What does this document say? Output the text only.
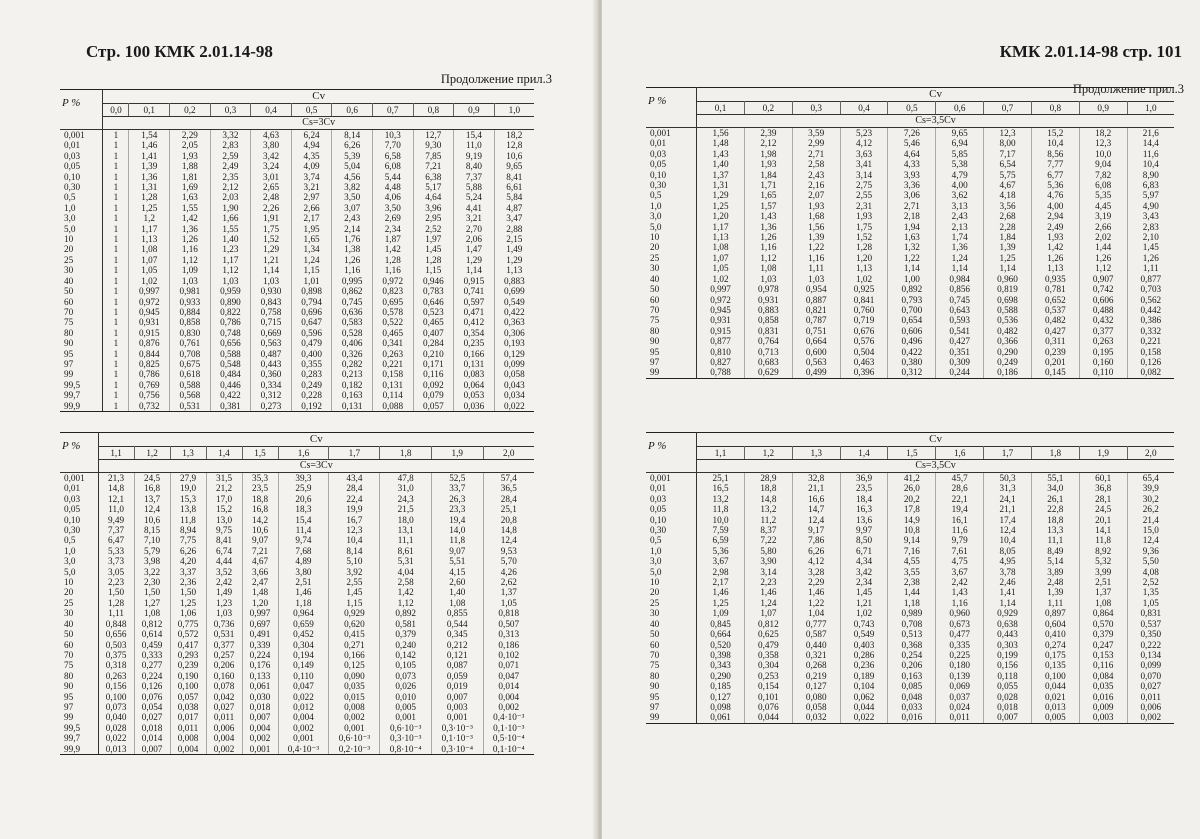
Стр. 100 КМК 2.01.14-98
Продолжение прил.3
P %	Cv										
	0,0	0,1	0,2	0,3	0,4	0,5	0,6	0,7	0,8	0,9	1,0
	Cs=3Cv										
0,001	1	1,54	2,29	3,32	4,63	6,24	8,14	10,3	12,7	15,4	18,2
0,01	1	1,46	2,05	2,83	3,80	4,94	6,26	7,70	9,30	11,0	12,8
0,03	1	1,41	1,93	2,59	3,42	4,35	5,39	6,58	7,85	9,19	10,6
0,05	1	1,39	1,88	2,49	3,24	4,09	5,04	6,08	7,21	8,40	9,65
0,10	1	1,36	1,81	2,35	3,01	3,74	4,56	5,44	6,38	7,37	8,41
0,30	1	1,31	1,69	2,12	2,65	3,21	3,82	4,48	5,17	5,88	6,61
0,5	1	1,28	1,63	2,03	2,48	2,97	3,50	4,06	4,64	5,24	5,84
1,0	1	1,25	1,55	1,90	2,26	2,66	3,07	3,50	3,96	4,41	4,87
3,0	1	1,2	1,42	1,66	1,91	2,17	2,43	2,69	2,95	3,21	3,47
5,0	1	1,17	1,36	1,55	1,75	1,95	2,14	2,34	2,52	2,70	2,88
10	1	1,13	1,26	1,40	1,52	1,65	1,76	1,87	1,97	2,06	2,15
20	1	1,08	1,16	1,23	1,29	1,34	1,38	1,42	1,45	1,47	1,49
25	1	1,07	1,12	1,17	1,21	1,24	1,26	1,28	1,28	1,29	1,29
30	1	1,05	1,09	1,12	1,14	1,15	1,16	1,16	1,15	1,14	1,13
40	1	1,02	1,03	1,03	1,03	1,01	0,995	0,972	0,946	0,915	0,883
50	1	0,997	0,981	0,959	0,930	0,898	0,862	0,823	0,783	0,741	0,699
60	1	0,972	0,933	0,890	0,843	0,794	0,745	0,695	0,646	0,597	0,549
70	1	0,945	0,884	0,822	0,758	0,696	0,636	0,578	0,523	0,471	0,422
75	1	0,931	0,858	0,786	0,715	0,647	0,583	0,522	0,465	0,412	0,363
80	1	0,915	0,830	0,748	0,669	0,596	0,528	0,465	0,407	0,354	0,306
90	1	0,876	0,761	0,656	0,563	0,479	0,406	0,341	0,284	0,235	0,193
95	1	0,844	0,708	0,588	0,487	0,400	0,326	0,263	0,210	0,166	0,129
97	1	0,825	0,675	0,548	0,443	0,355	0,282	0,221	0,171	0,131	0,099
99	1	0,786	0,618	0,484	0,360	0,283	0,213	0,158	0,116	0,083	0,058
99,5	1	0,769	0,588	0,446	0,334	0,249	0,182	0,131	0,092	0,064	0,043
99,7	1	0,756	0,568	0,422	0,312	0,228	0,163	0,114	0,079	0,053	0,034
99,9	1	0,732	0,531	0,381	0,273	0,192	0,131	0,088	0,057	0,036	0,022
P %	Cv									
	1,1	1,2	1,3	1,4	1,5	1,6	1,7	1,8	1,9	2,0
	Cs=3Cv									
0,001	21,3	24,5	27,9	31,5	35,3	39,3	43,4	47,8	52,5	57,4
0,01	14,8	16,8	19,0	21,2	23,5	25,9	28,4	31,0	33,7	36,5
0,03	12,1	13,7	15,3	17,0	18,8	20,6	22,4	24,3	26,3	28,4
0,05	11,0	12,4	13,8	15,2	16,8	18,3	19,9	21,5	23,3	25,1
0,10	9,49	10,6	11,8	13,0	14,2	15,4	16,7	18,0	19,4	20,8
0,30	7,37	8,15	8,94	9,75	10,6	11,4	12,3	13,1	14,0	14,8
0,5	6,47	7,10	7,75	8,41	9,07	9,74	10,4	11,1	11,8	12,4
1,0	5,33	5,79	6,26	6,74	7,21	7,68	8,14	8,61	9,07	9,53
3,0	3,73	3,98	4,20	4,44	4,67	4,89	5,10	5,31	5,51	5,70
5,0	3,05	3,22	3,37	3,52	3,66	3,80	3,92	4,04	4,15	4,26
10	2,23	2,30	2,36	2,42	2,47	2,51	2,55	2,58	2,60	2,62
20	1,50	1,50	1,50	1,49	1,48	1,46	1,45	1,42	1,40	1,37
25	1,28	1,27	1,25	1,23	1,20	1,18	1,15	1,12	1,08	1,05
30	1,11	1,08	1,06	1,03	0,997	0,964	0,929	0,892	0,855	0,818
40	0,848	0,812	0,775	0,736	0,697	0,659	0,620	0,581	0,544	0,507
50	0,656	0,614	0,572	0,531	0,491	0,452	0,415	0,379	0,345	0,313
60	0,503	0,459	0,417	0,377	0,339	0,304	0,271	0,240	0,212	0,186
70	0,375	0,333	0,293	0,257	0,224	0,194	0,166	0,142	0,121	0,102
75	0,318	0,277	0,239	0,206	0,176	0,149	0,125	0,105	0,087	0,071
80	0,263	0,224	0,190	0,160	0,133	0,110	0,090	0,073	0,059	0,047
90	0,156	0,126	0,100	0,078	0,061	0,047	0,035	0,026	0,019	0,014
95	0,100	0,076	0,057	0,042	0,030	0,022	0,015	0,010	0,007	0,004
97	0,073	0,054	0,038	0,027	0,018	0,012	0,008	0,005	0,003	0,002
99	0,040	0,027	0,017	0,011	0,007	0,004	0,002	0,001	0,001	0,4·10⁻³
99,5	0,028	0,018	0,011	0,006	0,004	0,002	0,001	0,6·10⁻³	0,3·10⁻³	0,1·10⁻³
99,7	0,022	0,014	0,008	0,004	0,002	0,001	0,6·10⁻³	0,3·10⁻³	0,1·10⁻³	0,5·10⁻⁴
99,9	0,013	0,007	0,004	0,002	0,001	0,4·10⁻³	0,2·10⁻³	0,8·10⁻⁴	0,3·10⁻⁴	0,1·10⁻⁴
КМК 2.01.14-98 стр. 101
Продолжение прил.3
P %	Cv									
	0,1	0,2	0,3	0,4	0,5	0,6	0,7	0,8	0,9	1,0
	Cs=3,5Cv									
0,001	1,56	2,39	3,59	5,23	7,26	9,65	12,3	15,2	18,2	21,6
0,01	1,48	2,12	2,99	4,12	5,46	6,94	8,00	10,4	12,3	14,4
0,03	1,43	1,98	2,71	3,63	4,64	5,85	7,17	8,56	10,0	11,6
0,05	1,40	1,93	2,58	3,41	4,33	5,38	6,54	7,77	9,04	10,4
0,10	1,37	1,84	2,43	3,14	3,93	4,79	5,75	6,77	7,82	8,90
0,30	1,31	1,71	2,16	2,75	3,36	4,00	4,67	5,36	6,08	6,83
0,5	1,29	1,65	2,07	2,55	3,06	3,62	4,18	4,76	5,35	5,97
1,0	1,25	1,57	1,93	2,31	2,71	3,13	3,56	4,00	4,45	4,90
3,0	1,20	1,43	1,68	1,93	2,18	2,43	2,68	2,94	3,19	3,43
5,0	1,17	1,36	1,56	1,75	1,94	2,13	2,28	2,49	2,66	2,83
10	1,13	1,26	1,39	1,52	1,63	1,74	1,84	1,93	2,02	2,10
20	1,08	1,16	1,22	1,28	1,32	1,36	1,39	1,42	1,44	1,45
25	1,07	1,12	1,16	1,20	1,22	1,24	1,25	1,26	1,26	1,26
30	1,05	1,08	1,11	1,13	1,14	1,14	1,14	1,13	1,12	1,11
40	1,02	1,03	1,03	1,02	1,00	0,984	0,960	0,935	0,907	0,877
50	0,997	0,978	0,954	0,925	0,892	0,856	0,819	0,781	0,742	0,703
60	0,972	0,931	0,887	0,841	0,793	0,745	0,698	0,652	0,606	0,562
70	0,945	0,883	0,821	0,760	0,700	0,643	0,588	0,537	0,488	0,442
75	0,931	0,858	0,787	0,719	0,654	0,593	0,536	0,482	0,432	0,386
80	0,915	0,831	0,751	0,676	0,606	0,541	0,482	0,427	0,377	0,332
90	0,877	0,764	0,664	0,576	0,496	0,427	0,366	0,311	0,263	0,221
95	0,810	0,713	0,600	0,504	0,422	0,351	0,290	0,239	0,195	0,158
97	0,827	0,683	0,563	0,463	0,380	0,309	0,249	0,201	0,160	0,126
99	0,788	0,629	0,499	0,396	0,312	0,244	0,186	0,145	0,110	0,082
P %	Cv									
	1,1	1,2	1,3	1,4	1,5	1,6	1,7	1,8	1,9	2,0
	Cs=3,5Cv									
0,001	25,1	28,9	32,8	36,9	41,2	45,7	50,3	55,1	60,1	65,4
0,01	16,5	18,8	21,1	23,5	26,0	28,6	31,3	34,0	36,8	39,9
0,03	13,2	14,8	16,6	18,4	20,2	22,1	24,1	26,1	28,1	30,2
0,05	11,8	13,2	14,7	16,3	17,8	19,4	21,1	22,8	24,5	26,2
0,10	10,0	11,2	12,4	13,6	14,9	16,1	17,4	18,8	20,1	21,4
0,30	7,59	8,37	9,17	9,97	10,8	11,6	12,4	13,3	14,1	15,0
0,5	6,59	7,22	7,86	8,50	9,14	9,79	10,4	11,1	11,8	12,4
1,0	5,36	5,80	6,26	6,71	7,16	7,61	8,05	8,49	8,92	9,36
3,0	3,67	3,90	4,12	4,34	4,55	4,75	4,95	5,14	5,32	5,50
5,0	2,98	3,14	3,28	3,42	3,55	3,67	3,78	3,89	3,99	4,08
10	2,17	2,23	2,29	2,34	2,38	2,42	2,46	2,48	2,51	2,52
20	1,46	1,46	1,46	1,45	1,44	1,43	1,41	1,39	1,37	1,35
25	1,25	1,24	1,22	1,21	1,18	1,16	1,14	1,11	1,08	1,05
30	1,09	1,07	1,04	1,02	0,989	0,960	0,929	0,897	0,864	0,831
40	0,845	0,812	0,777	0,743	0,708	0,673	0,638	0,604	0,570	0,537
50	0,664	0,625	0,587	0,549	0,513	0,477	0,443	0,410	0,379	0,350
60	0,520	0,479	0,440	0,403	0,368	0,335	0,303	0,274	0,247	0,222
70	0,398	0,358	0,321	0,286	0,254	0,225	0,199	0,175	0,153	0,134
75	0,343	0,304	0,268	0,236	0,206	0,180	0,156	0,135	0,116	0,099
80	0,290	0,253	0,219	0,189	0,163	0,139	0,118	0,100	0,084	0,070
90	0,185	0,154	0,127	0,104	0,085	0,069	0,055	0,044	0,035	0,027
95	0,127	0,101	0,080	0,062	0,048	0,037	0,028	0,021	0,016	0,011
97	0,098	0,076	0,058	0,044	0,033	0,024	0,018	0,013	0,009	0,006
99	0,061	0,044	0,032	0,022	0,016	0,011	0,007	0,005	0,003	0,002
